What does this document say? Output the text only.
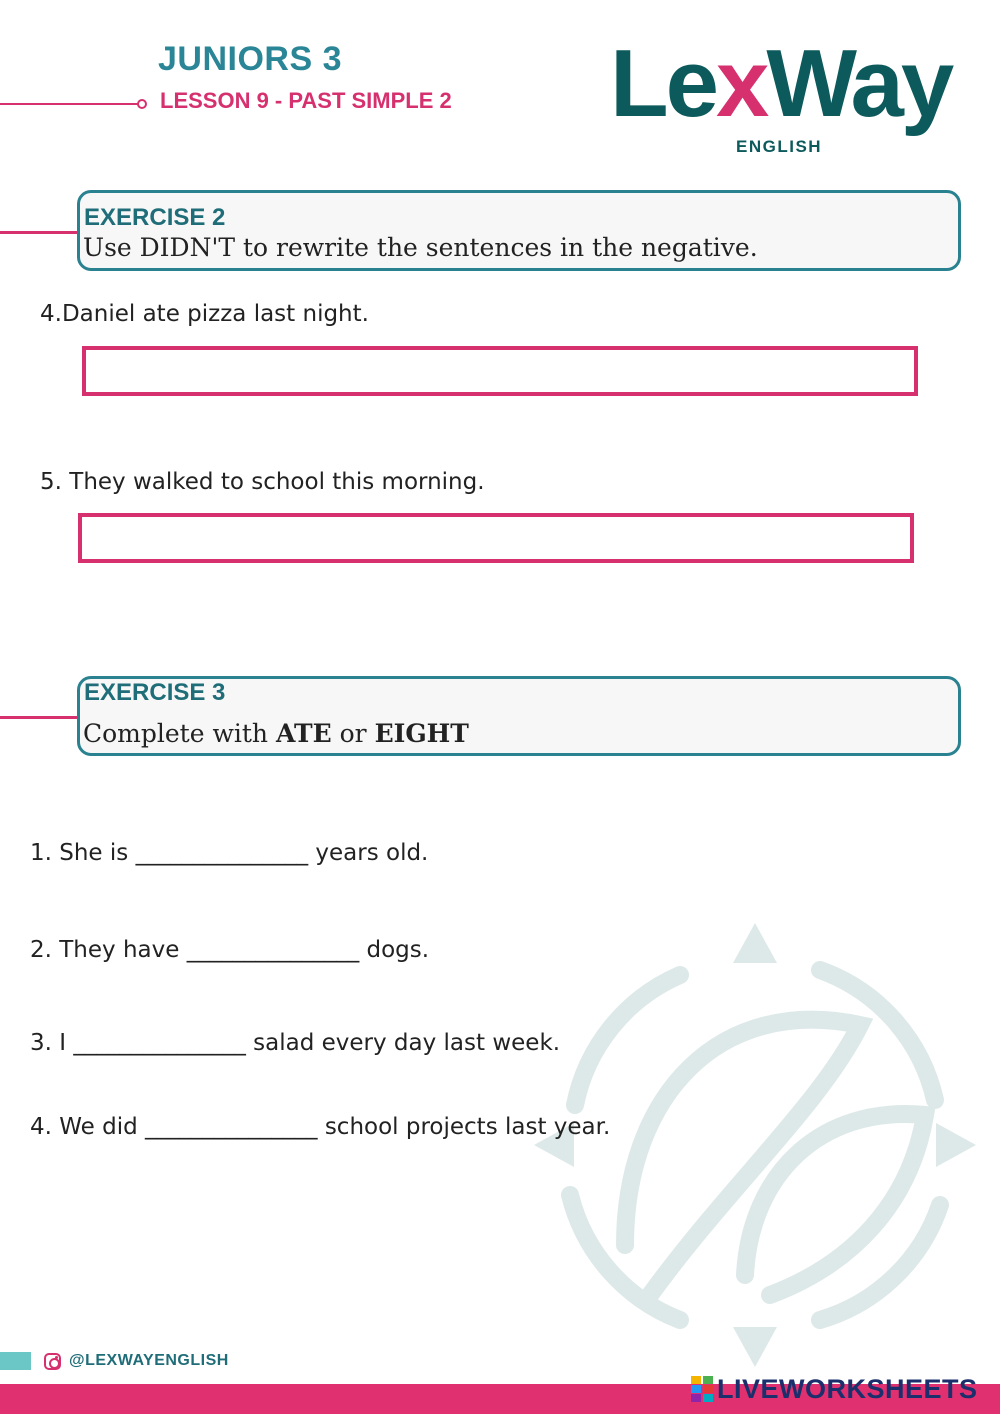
JUNIORS 3
LESSON 9 - PAST SIMPLE 2 LexWay
ENGLISH
EXERCISE 2
Use DIDN'T to rewrite the sentences in the negative.
4.Daniel ate pizza last night.
5. They walked to school this morning.
EXERCISE 3
Complete with ATE or EIGHT
1. She is _______________ years old.
2. They have _______________ dogs.
3. I _______________ salad every day last week.
4. We did _______________ school projects last year.
@LEXWAYENGLISH
LIVEWORKSHEETS
